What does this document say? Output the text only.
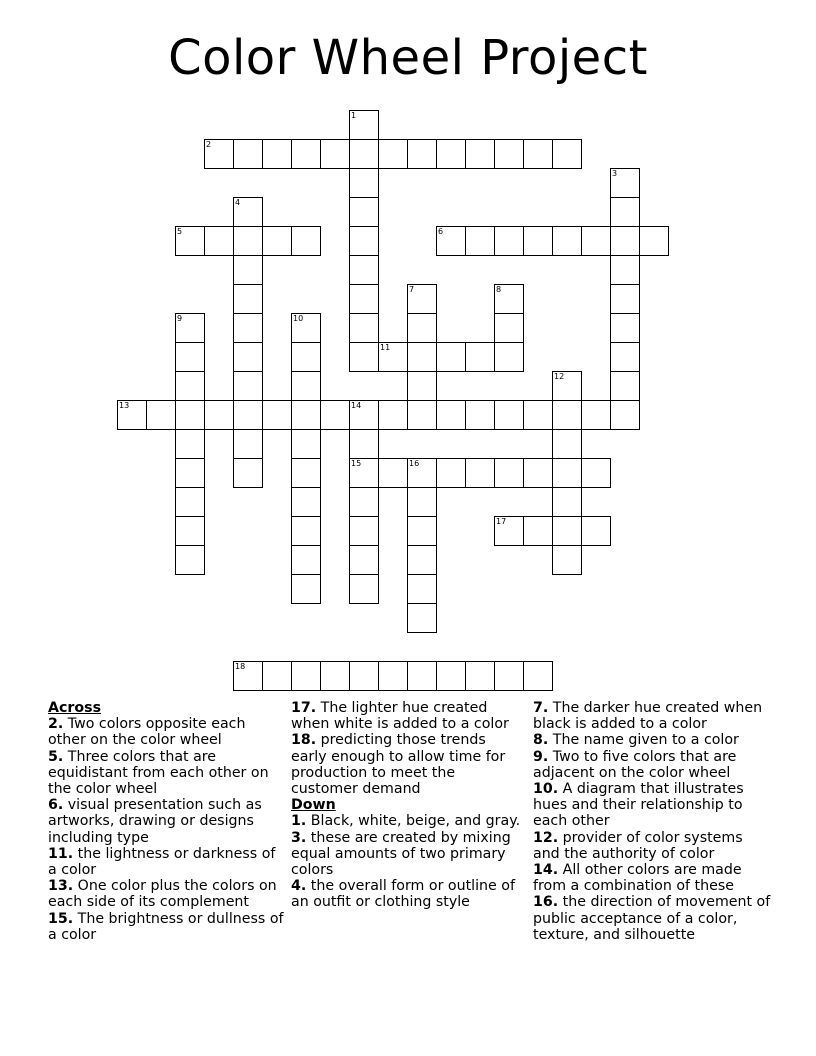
Color Wheel Project
1
2
3
4
5	6
7	8
9	10
11
12
13	14
15	16
17
18
Across
2. Two colors opposite each other on the color wheel
5. Three colors that are equidistant from each other on the color wheel
6. visual presentation such as artworks, drawing or designs including type
11. the lightness or darkness of a color
13. One color plus the colors on each side of its complement
15. The brightness or dullness of a color
17. The lighter hue created when white is added to a color
18. predicting those trends early enough to allow time for production to meet the customer demand
Down
1. Black, white, beige, and gray.
3. these are created by mixing equal amounts of two primary colors
4. the overall form or outline of an outfit or clothing style
7. The darker hue created when black is added to a color
8. The name given to a color
9. Two to five colors that are adjacent on the color wheel
10. A diagram that illustrates hues and their relationship to each other
12. provider of color systems and the authority of color
14. All other colors are made from a combination of these
16. the direction of movement of public acceptance of a color, texture, and silhouette
